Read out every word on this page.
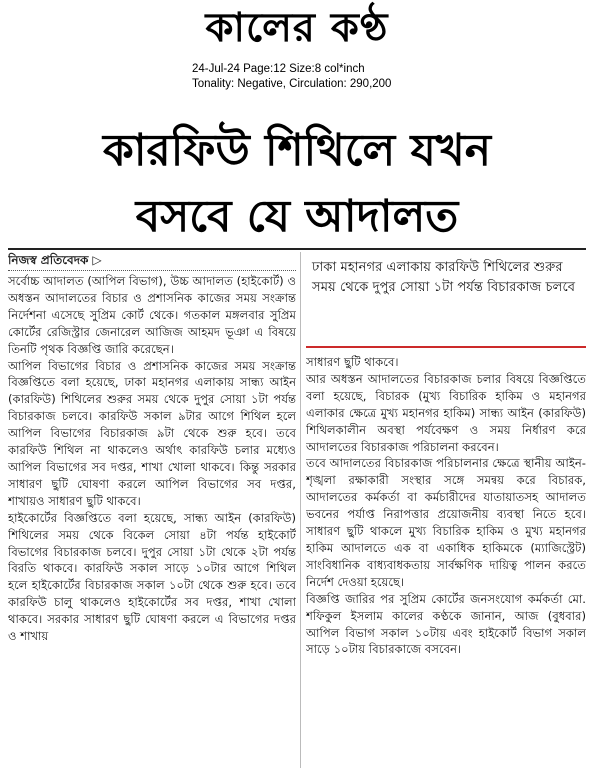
কালের কণ্ঠ
24-Jul-24 Page:12 Size:8 col*inch
Tonality: Negative, Circulation: 290,200
কারফিউ শিথিলে যখন
বসবে যে আদালত
নিজস্ব প্রতিবেদক ▷

সর্বোচ্চ আদালত (আপিল বিভাগ), উচ্চ আদালত (হাইকোর্ট) ও অধস্তন আদালতের বিচার ও প্রশাসনিক কাজের সময় সংক্রান্ত নির্দেশনা এসেছে সুপ্রিম কোর্ট থেকে। গতকাল মঙ্গলবার সুপ্রিম কোর্টের রেজিস্ট্রার জেনারেল আজিজ আহমদ ভূঞা এ বিষয়ে তিনটি পৃথক বিজ্ঞপ্তি জারি করেছেন।

আপিল বিভাগের বিচার ও প্রশাসনিক কাজের সময় সংক্রান্ত বিজ্ঞপ্তিতে বলা হয়েছে, ঢাকা মহানগর এলাকায় সান্ধ্য আইন (কারফিউ) শিথিলের শুরুর সময় থেকে দুপুর সোয়া ১টা পর্যন্ত বিচারকাজ চলবে। কারফিউ সকাল ৯টার আগে শিথিল হলে আপিল বিভাগের বিচারকাজ ৯টা থেকে শুরু হবে। তবে কারফিউ শিথিল না থাকলেও অর্থাৎ কারফিউ চলার মধ্যেও আপিল বিভাগের সব দপ্তর, শাখা খোলা থাকবে। কিন্তু সরকার সাধারণ ছুটি ঘোষণা করলে আপিল বিভাগের সব দপ্তর, শাখায়ও সাধারণ ছুটি থাকবে।

হাইকোর্টের বিজ্ঞপ্তিতে বলা হয়েছে, সান্ধ্য আইন (কারফিউ) শিথিলের সময় থেকে বিকেল সোয়া ৪টা পর্যন্ত হাইকোর্ট বিভাগের বিচারকাজ চলবে। দুপুর সোয়া ১টা থেকে ২টা পর্যন্ত বিরতি থাকবে। কারফিউ সকাল সাড়ে ১০টার আগে শিথিল হলে হাইকোর্টের বিচারকাজ সকাল ১০টা থেকে শুরু হবে। তবে কারফিউ চালু থাকলেও হাইকোর্টের সব দপ্তর, শাখা খোলা থাকবে। সরকার সাধারণ ছুটি ঘোষণা করলে এ বিভাগের দপ্তর ও শাখায়

ঢাকা মহানগর এলাকায় কারফিউ শিথিলের শুরুর সময় থেকে দুপুর সোয়া ১টা পর্যন্ত বিচারকাজ চলবে

সাধারণ ছুটি থাকবে।

আর অধস্তন আদালতের বিচারকাজ চলার বিষয়ে বিজ্ঞপ্তিতে বলা হয়েছে, বিচারক (মুখ্য বিচারিক হাকিম ও মহানগর এলাকার ক্ষেত্রে মুখ্য মহানগর হাকিম) সান্ধ্য আইন (কারফিউ) শিথিলকালীন অবস্থা পর্যবেক্ষণ ও সময় নির্ধারণ করে আদালতের বিচারকাজ পরিচালনা করবেন।

তবে আদালতের বিচারকাজ পরিচালনার ক্ষেত্রে স্থানীয় আইন-শৃঙ্খলা রক্ষাকারী সংস্থার সঙ্গে সমন্বয় করে বিচারক, আদালতের কর্মকর্তা বা কর্মচারীদের যাতায়াতসহ আদালত ভবনের পর্যাপ্ত নিরাপত্তার প্রয়োজনীয় ব্যবস্থা নিতে হবে। সাধারণ ছুটি থাকলে মুখ্য বিচারিক হাকিম ও মুখ্য মহানগর হাকিম আদালতে এক বা একাধিক হাকিমকে (ম্যাজিস্ট্রেট) সাংবিধানিক বাধ্যবাধকতায় সার্বক্ষণিক দায়িত্ব পালন করতে নির্দেশ দেওয়া হয়েছে।

বিজ্ঞপ্তি জারির পর সুপ্রিম কোর্টের জনসংযোগ কর্মকর্তা মো. শফিকুল ইসলাম কালের কণ্ঠকে জানান, আজ (বুধবার) আপিল বিভাগ সকাল ১০টায় এবং হাইকোর্ট বিভাগ সকাল সাড়ে ১০টায় বিচারকাজে বসবেন।
